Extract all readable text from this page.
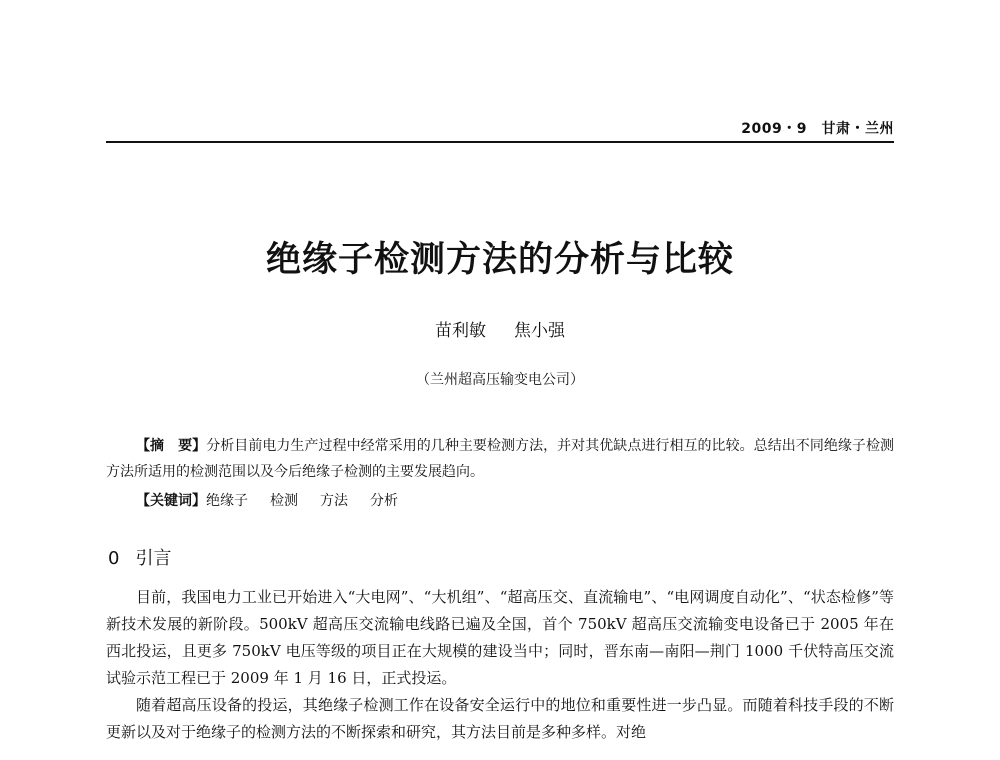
2009・9　甘肃・兰州
绝缘子检测方法的分析与比较
苗利敏 焦小强
（兰州超高压输变电公司）
【摘　要】分析目前电力生产过程中经常采用的几种主要检测方法，并对其优缺点进行相互的比较。总结出不同绝缘子检测方法所适用的检测范围以及今后绝缘子检测的主要发展趋向。
【关键词】绝缘子 检测 方法 分析
0 引言

目前，我国电力工业已开始进入“大电网”、“大机组”、“超高压交、直流输电”、“电网调度自动化”、“状态检修”等新技术发展的新阶段。500kV 超高压交流输电线路已遍及全国，首个 750kV 超高压交流输变电设备已于 2005 年在西北投运，且更多 750kV 电压等级的项目正在大规模的建设当中；同时，晋东南—南阳—荆门 1000 千伏特高压交流试验示范工程已于 2009 年 1 月 16 日，正式投运。

随着超高压设备的投运，其绝缘子检测工作在设备安全运行中的地位和重要性进一步凸显。而随着科技手段的不断更新以及对于绝缘子的检测方法的不断探索和研究，其方法目前是多种多样。对绝
